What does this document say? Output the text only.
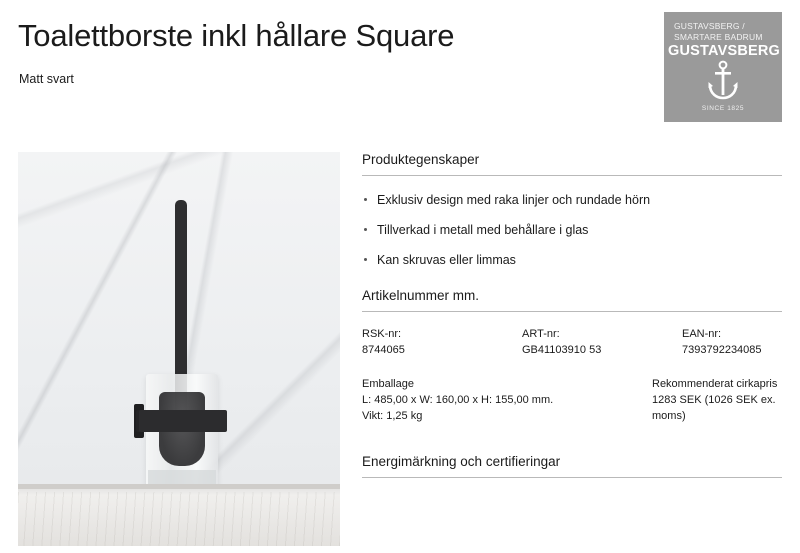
Toalettborste inkl hållare Square
Matt svart
GUSTAVSBERG /
SMARTARE BADRUM
GUSTAVSBERG
SINCE 1825
Produktegenskaper
Exklusiv design med raka linjer och rundade hörn
Tillverkad i metall med behållare i glas
Kan skruvas eller limmas
Artikelnummer mm.
RSK-nr:
8744065
ART-nr:
GB41103910 53
EAN-nr:
7393792234085
Emballage
L: 485,00 x W: 160,00 x H: 155,00 mm.
Vikt: 1,25 kg
Rekommenderat cirkapris
1283 SEK (1026 SEK ex. moms)
Energimärkning och certifieringar
